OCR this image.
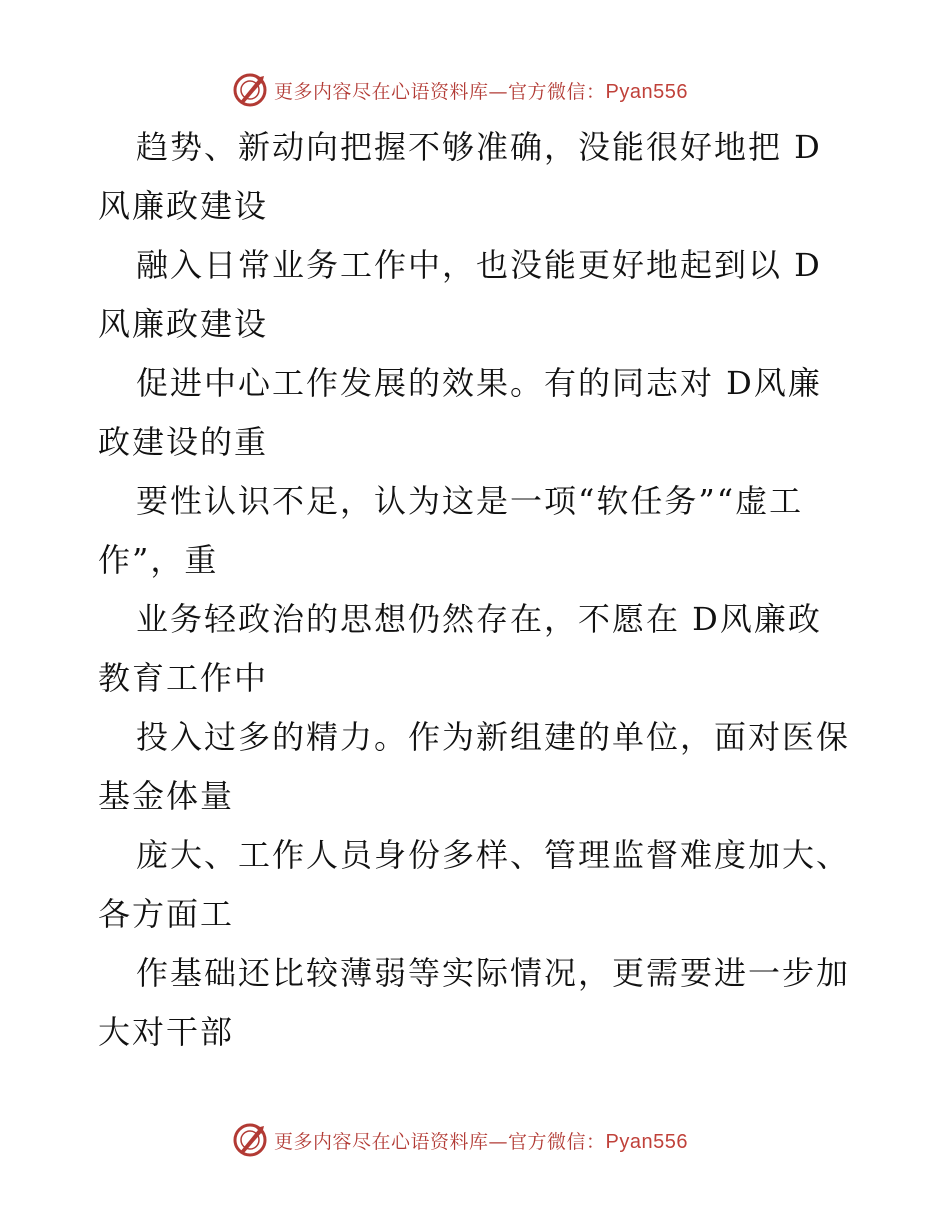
更多内容尽在心语资料库—官方微信：Pyan556
趋势、新动向把握不够准确，没能很好地把 D
风廉政建设
融入日常业务工作中，也没能更好地起到以 D
风廉政建设
促进中心工作发展的效果。有的同志对 D风廉
政建设的重
要性认识不足，认为这是一项“软任务”“虚工
作”，重
业务轻政治的思想仍然存在，不愿在 D风廉政
教育工作中
投入过多的精力。作为新组建的单位，面对医保
基金体量
庞大、工作人员身份多样、管理监督难度加大、
各方面工
作基础还比较薄弱等实际情况，更需要进一步加
大对干部
更多内容尽在心语资料库—官方微信：Pyan556
